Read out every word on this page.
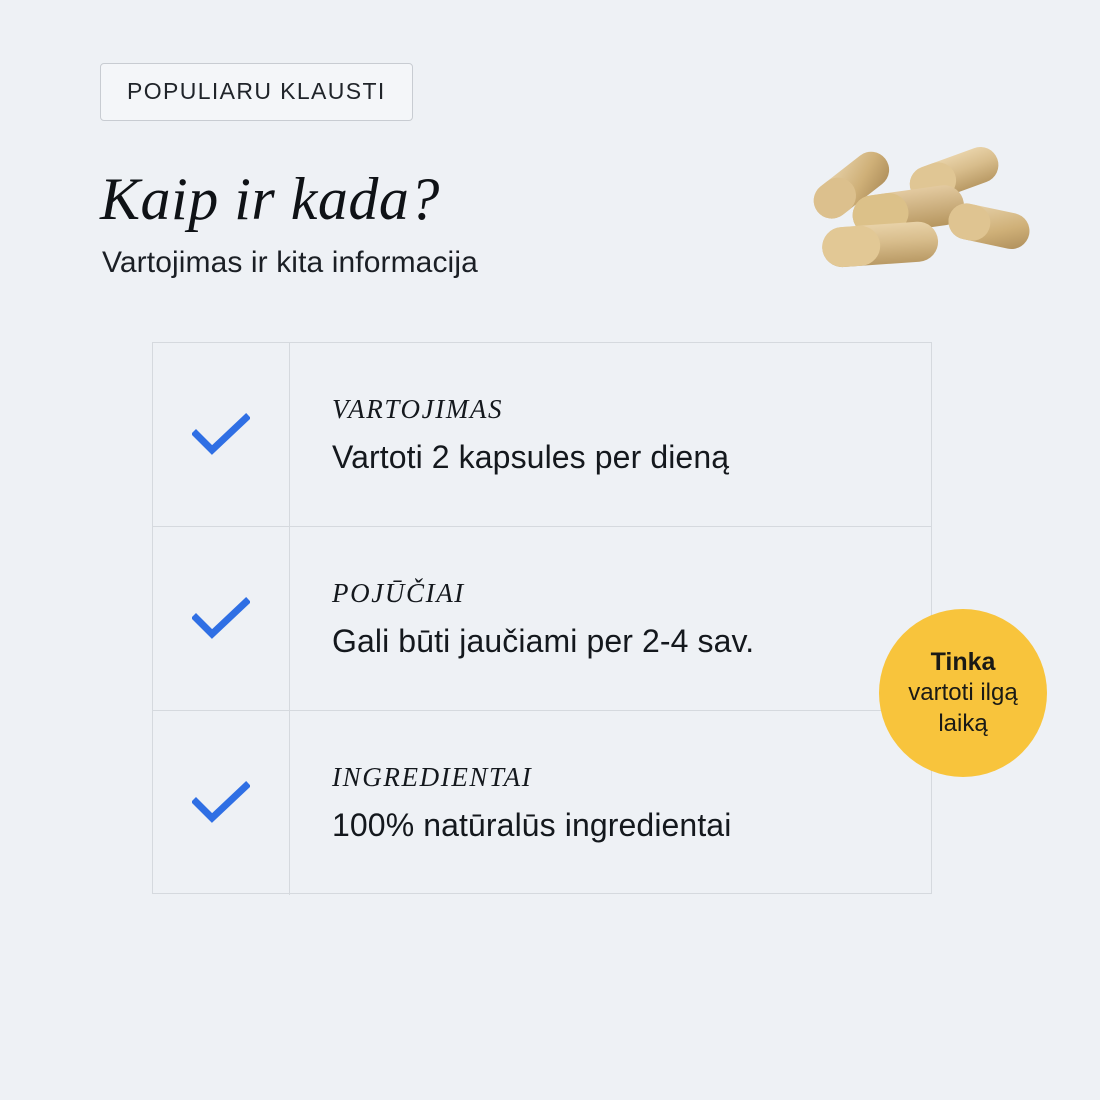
POPULIARU KLAUSTI
Kaip ir kada?
Vartojimas ir kita informacija
VARTOJIMAS
Vartoti 2 kapsules per dieną
POJŪČIAI
Gali būti jaučiami per 2-4 sav.
INGREDIENTAI
100% natūralūs ingredientai
Tinka
vartoti ilgą
laiką
